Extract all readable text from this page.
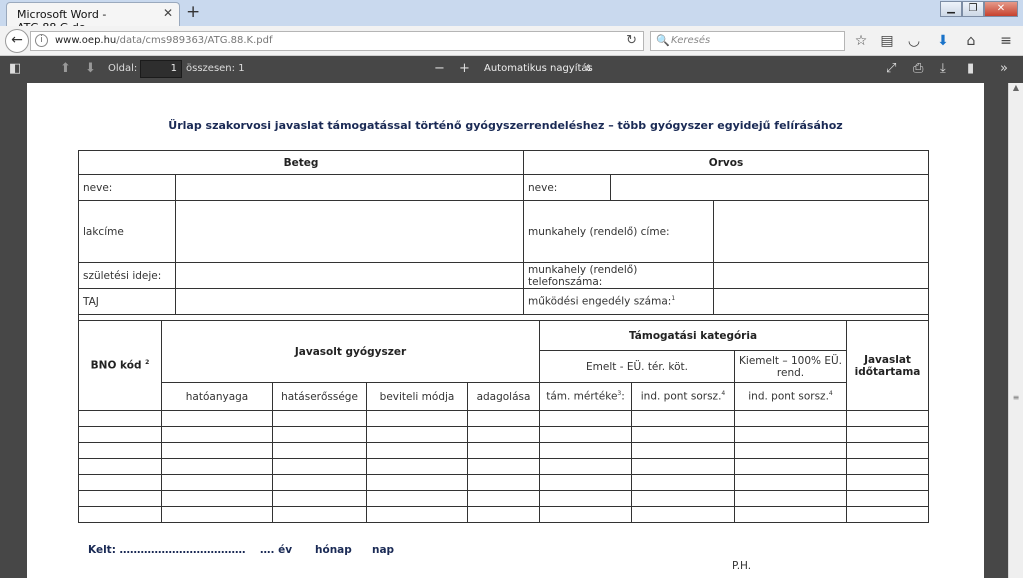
Microsoft Word -	✕ +	▁	❐	✕
←	i	www.oep.hu/data/cms989363/ATG.88.K.pdf	↻ 🔍 Keresés	☆ ▤ ◡ ⬇	⌂	≡
◧	⬆ ⬇ Oldal:	1 összesen: 1	− +	Automatikus nagyítás ⇕	⤢ ⎙ ⤓ ▮ »
Ürlap szakorvosi javaslat támogatással történő gyógyszerrendeléshez – több gyógyszer egyidejű felírásához
Beteg		Orvos		
neve:		neve:		
lakcíme		munkahely (rendelő) címe:		
születési ideje:		munkahely (rendelő) telefonszáma:		
TAJ		működési engedély száma:$^1$	

BNO kód $^2$	Javasolt gyógyszer				Támogatási kategória			Javaslat időtartama
					Emelt - EÜ. tér. köt.		Kiemelt – 100% EÜ. rend.	
	hatóanyaga	hatáserőssége	beviteli módja	adagolása	tám. mértéke$^3$:	ind. pont sorsz.$^4$	ind. pont sorsz.$^4$

Kelt: ……………………………… …. év hónap nap
P.H.
▲
≡
